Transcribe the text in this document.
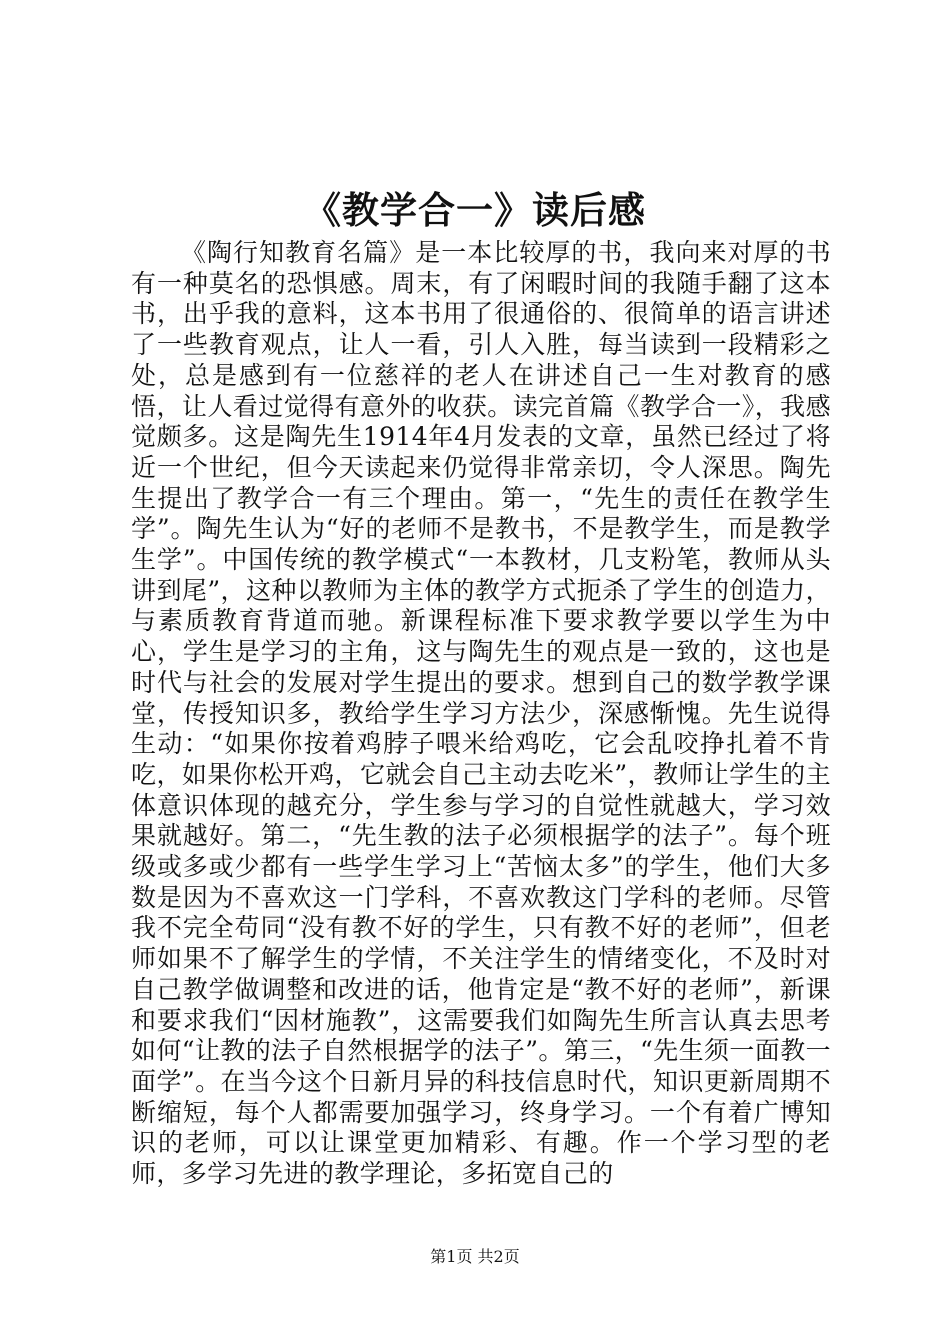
《教学合一》读后感

《陶行知教育名篇》是一本比较厚的书，我向来对厚的书有一种莫名的恐惧感。周末，有了闲暇时间的我随手翻了这本书，出乎我的意料，这本书用了很通俗的、很简单的语言讲述了一些教育观点，让人一看，引人入胜，每当读到一段精彩之处，总是感到有一位慈祥的老人在讲述自己一生对教育的感悟，让人看过觉得有意外的收获。读完首篇《教学合一》，我感觉颇多。这是陶先生1914年4月发表的文章，虽然已经过了将近一个世纪，但今天读起来仍觉得非常亲切，令人深思。陶先生提出了教学合一有三个理由。第一，“先生的责任在教学生学”。陶先生认为“好的老师不是教书，不是教学生，而是教学生学”。中国传统的教学模式“一本教材，几支粉笔，教师从头讲到尾”，这种以教师为主体的教学方式扼杀了学生的创造力，与素质教育背道而驰。新课程标准下要求教学要以学生为中心，学生是学习的主角，这与陶先生的观点是一致的，这也是时代与社会的发展对学生提出的要求。想到自己的数学教学课堂，传授知识多，教给学生学习方法少，深感惭愧。先生说得生动：“如果你按着鸡脖子喂米给鸡吃，它会乱咬挣扎着不肯吃，如果你松开鸡，它就会自己主动去吃米”，教师让学生的主体意识体现的越充分，学生参与学习的自觉性就越大，学习效果就越好。第二，“先生教的法子必须根据学的法子”。每个班级或多或少都有一些学生学习上“苦恼太多”的学生，他们大多数是因为不喜欢这一门学科，不喜欢教这门学科的老师。尽管我不完全苟同“没有教不好的学生，只有教不好的老师”，但老师如果不了解学生的学情，不关注学生的情绪变化，不及时对自己教学做调整和改进的话，他肯定是“教不好的老师”，新课和要求我们“因材施教”，这需要我们如陶先生所言认真去思考如何“让教的法子自然根据学的法子”。第三，“先生须一面教一面学”。在当今这个日新月异的科技信息时代，知识更新周期不断缩短，每个人都需要加强学习，终身学习。一个有着广博知识的老师，可以让课堂更加精彩、有趣。作一个学习型的老师，多学习先进的教学理论，多拓宽自己的

第1页 共2页
